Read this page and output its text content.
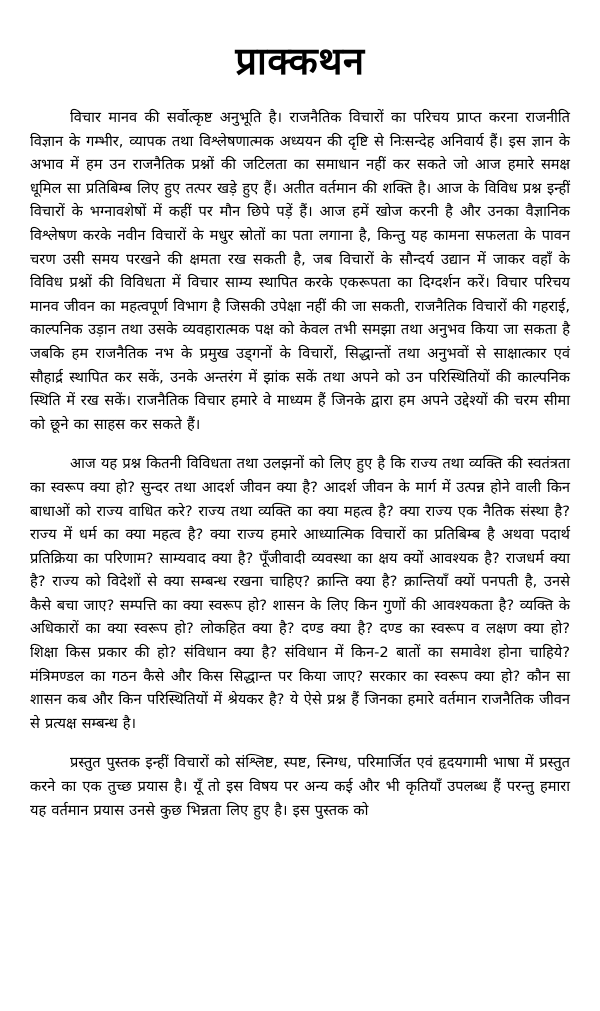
प्राक्कथन

विचार मानव की सर्वोत्कृष्ट अनुभूति है। राजनैतिक विचारों का परिचय प्राप्त करना राजनीति विज्ञान के गम्भीर, व्यापक तथा विश्लेषणात्मक अध्ययन की दृष्टि से निःसन्देह अनिवार्य हैं। इस ज्ञान के अभाव में हम उन राजनैतिक प्रश्नों की जटिलता का समाधान नहीं कर सकते जो आज हमारे समक्ष धूमिल सा प्रतिबिम्ब लिए हुए तत्पर खड़े हुए हैं। अतीत वर्तमान की शक्ति है। आज के विविध प्रश्न इन्हीं विचारों के भग्नावशेषों में कहीं पर मौन छिपे पड़ें हैं। आज हमें खोज करनी है और उनका वैज्ञानिक विश्लेषण करके नवीन विचारों के मधुर स्रोतों का पता लगाना है, किन्तु यह कामना सफलता के पावन चरण उसी समय परखने की क्षमता रख सकती है, जब विचारों के सौन्दर्य उद्यान में जाकर वहाँ के विविध प्रश्नों की विविधता में विचार साम्य स्थापित करके एकरूपता का दिग्दर्शन करें। विचार परिचय मानव जीवन का महत्वपूर्ण विभाग है जिसकी उपेक्षा नहीं की जा सकती, राजनैतिक विचारों की गहराई, काल्पनिक उड़ान तथा उसके व्यवहारात्मक पक्ष को केवल तभी समझा तथा अनुभव किया जा सकता है जबकि हम राजनैतिक नभ के प्रमुख उड्गनों के विचारों, सिद्धान्तों तथा अनुभवों से साक्षात्कार एवं सौहार्द्र स्थापित कर सकें, उनके अन्तरंग में झांक सकें तथा अपने को उन परिस्थितियों की काल्पनिक स्थिति में रख सकें। राजनैतिक विचार हमारे वे माध्यम हैं जिनके द्वारा हम अपने उद्देश्यों की चरम सीमा को छूने का साहस कर सकते हैं।

आज यह प्रश्न कितनी विविधता तथा उलझनों को लिए हुए है कि राज्य तथा व्यक्ति की स्वतंत्रता का स्वरूप क्या हो? सुन्दर तथा आदर्श जीवन क्या है? आदर्श जीवन के मार्ग में उत्पन्न होने वाली किन बाधाओं को राज्य वाधित करे? राज्य तथा व्यक्ति का क्या महत्व है? क्या राज्य एक नैतिक संस्था है? राज्य में धर्म का क्या महत्व है? क्या राज्य हमारे आध्यात्मिक विचारों का प्रतिबिम्ब है अथवा पदार्थ प्रतिक्रिया का परिणाम? साम्यवाद क्या है? पूँजीवादी व्यवस्था का क्षय क्यों आवश्यक है? राजधर्म क्या है? राज्य को विदेशों से क्या सम्बन्ध रखना चाहिए? क्रान्ति क्या है? क्रान्तियाँ क्यों पनपती है, उनसे कैसे बचा जाए? सम्पत्ति का क्या स्वरूप हो? शासन के लिए किन गुणों की आवश्यकता है? व्यक्ति के अधिकारों का क्या स्वरूप हो? लोकहित क्या है? दण्ड क्या है? दण्ड का स्वरूप व लक्षण क्या हो? शिक्षा किस प्रकार की हो? संविधान क्या है? संविधान में किन-2 बातों का समावेश होना चाहिये? मंत्रिमण्डल का गठन कैसे और किस सिद्धान्त पर किया जाए? सरकार का स्वरूप क्या हो? कौन सा शासन कब और किन परिस्थितियों में श्रेयकर है? ये ऐसे प्रश्न हैं जिनका हमारे वर्तमान राजनैतिक जीवन से प्रत्यक्ष सम्बन्ध है।

प्रस्तुत पुस्तक इन्हीं विचारों को संश्लिष्ट, स्पष्ट, स्निग्ध, परिमार्जित एवं हृदयगामी भाषा में प्रस्तुत करने का एक तुच्छ प्रयास है। यूँ तो इस विषय पर अन्य कई और भी कृतियाँ उपलब्ध हैं परन्तु हमारा यह वर्तमान प्रयास उनसे कुछ भिन्नता लिए हुए है। इस पुस्तक को
